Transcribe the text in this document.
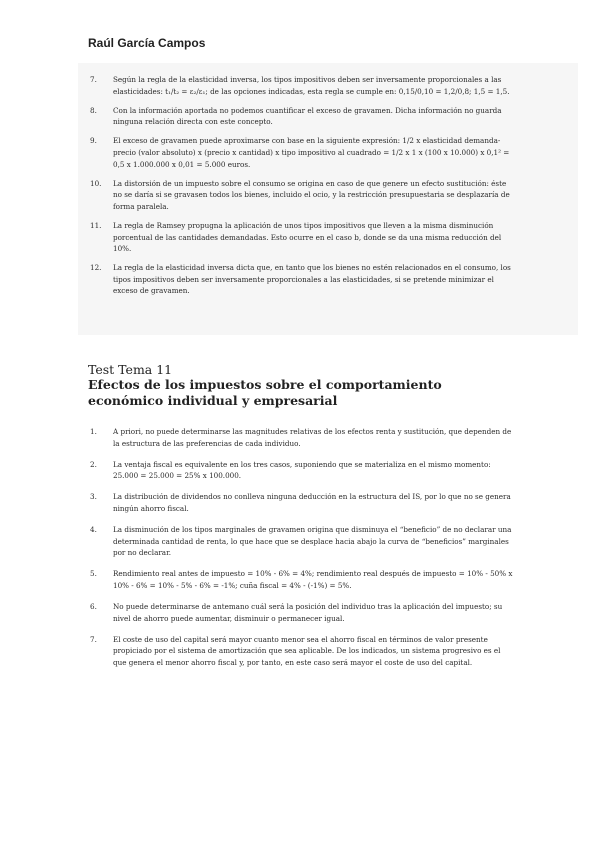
Raúl García Campos
7. Según la regla de la elasticidad inversa, los tipos impositivos deben ser inversamente proporcionales a las elasticidades: t₁/t₂ = ε₂/ε₁; de las opciones indicadas, esta regla se cumple en: 0,15/0,10 = 1,2/0,8; 1,5 = 1,5.
8. Con la información aportada no podemos cuantificar el exceso de gravamen. Dicha información no guarda ninguna relación directa con este concepto.
9. El exceso de gravamen puede aproximarse con base en la siguiente expresión: 1/2 x elasticidad demanda-precio (valor absoluto) x (precio x cantidad) x tipo impositivo al cuadrado = 1/2 x 1 x (100 x 10.000) x 0,1² = 0,5 x 1.000.000 x 0,01 = 5.000 euros.
10. La distorsión de un impuesto sobre el consumo se origina en caso de que genere un efecto sustitución: éste no se daría si se gravasen todos los bienes, incluido el ocio, y la restricción presupuestaria se desplazaría de forma paralela.
11. La regla de Ramsey propugna la aplicación de unos tipos impositivos que lleven a la misma disminución porcentual de las cantidades demandadas. Esto ocurre en el caso b, donde se da una misma reducción del 10%.
12. La regla de la elasticidad inversa dicta que, en tanto que los bienes no estén relacionados en el consumo, los tipos impositivos deben ser inversamente proporcionales a las elasticidades, si se pretende minimizar el exceso de gravamen.
Test Tema 11
Efectos de los impuestos sobre el comportamiento económico individual y empresarial
1. A priori, no puede determinarse las magnitudes relativas de los efectos renta y sustitución, que dependen de la estructura de las preferencias de cada individuo.
2. La ventaja fiscal es equivalente en los tres casos, suponiendo que se materializa en el mismo momento: 25.000 = 25.000 = 25% x 100.000.
3. La distribución de dividendos no conlleva ninguna deducción en la estructura del IS, por lo que no se genera ningún ahorro fiscal.
4. La disminución de los tipos marginales de gravamen origina que disminuya el “beneficio” de no declarar una determinada cantidad de renta, lo que hace que se desplace hacia abajo la curva de “beneficios” marginales por no declarar.
5. Rendimiento real antes de impuesto = 10% - 6% = 4%; rendimiento real después de impuesto = 10% - 50% x 10% - 6% = 10% - 5% - 6% = -1%; cuña fiscal = 4% - (-1%) = 5%.
6. No puede determinarse de antemano cuál será la posición del individuo tras la aplicación del impuesto; su nivel de ahorro puede aumentar, disminuir o permanecer igual.
7. El coste de uso del capital será mayor cuanto menor sea el ahorro fiscal en términos de valor presente propiciado por el sistema de amortización que sea aplicable. De los indicados, un sistema progresivo es el que genera el menor ahorro fiscal y, por tanto, en este caso será mayor el coste de uso del capital.
